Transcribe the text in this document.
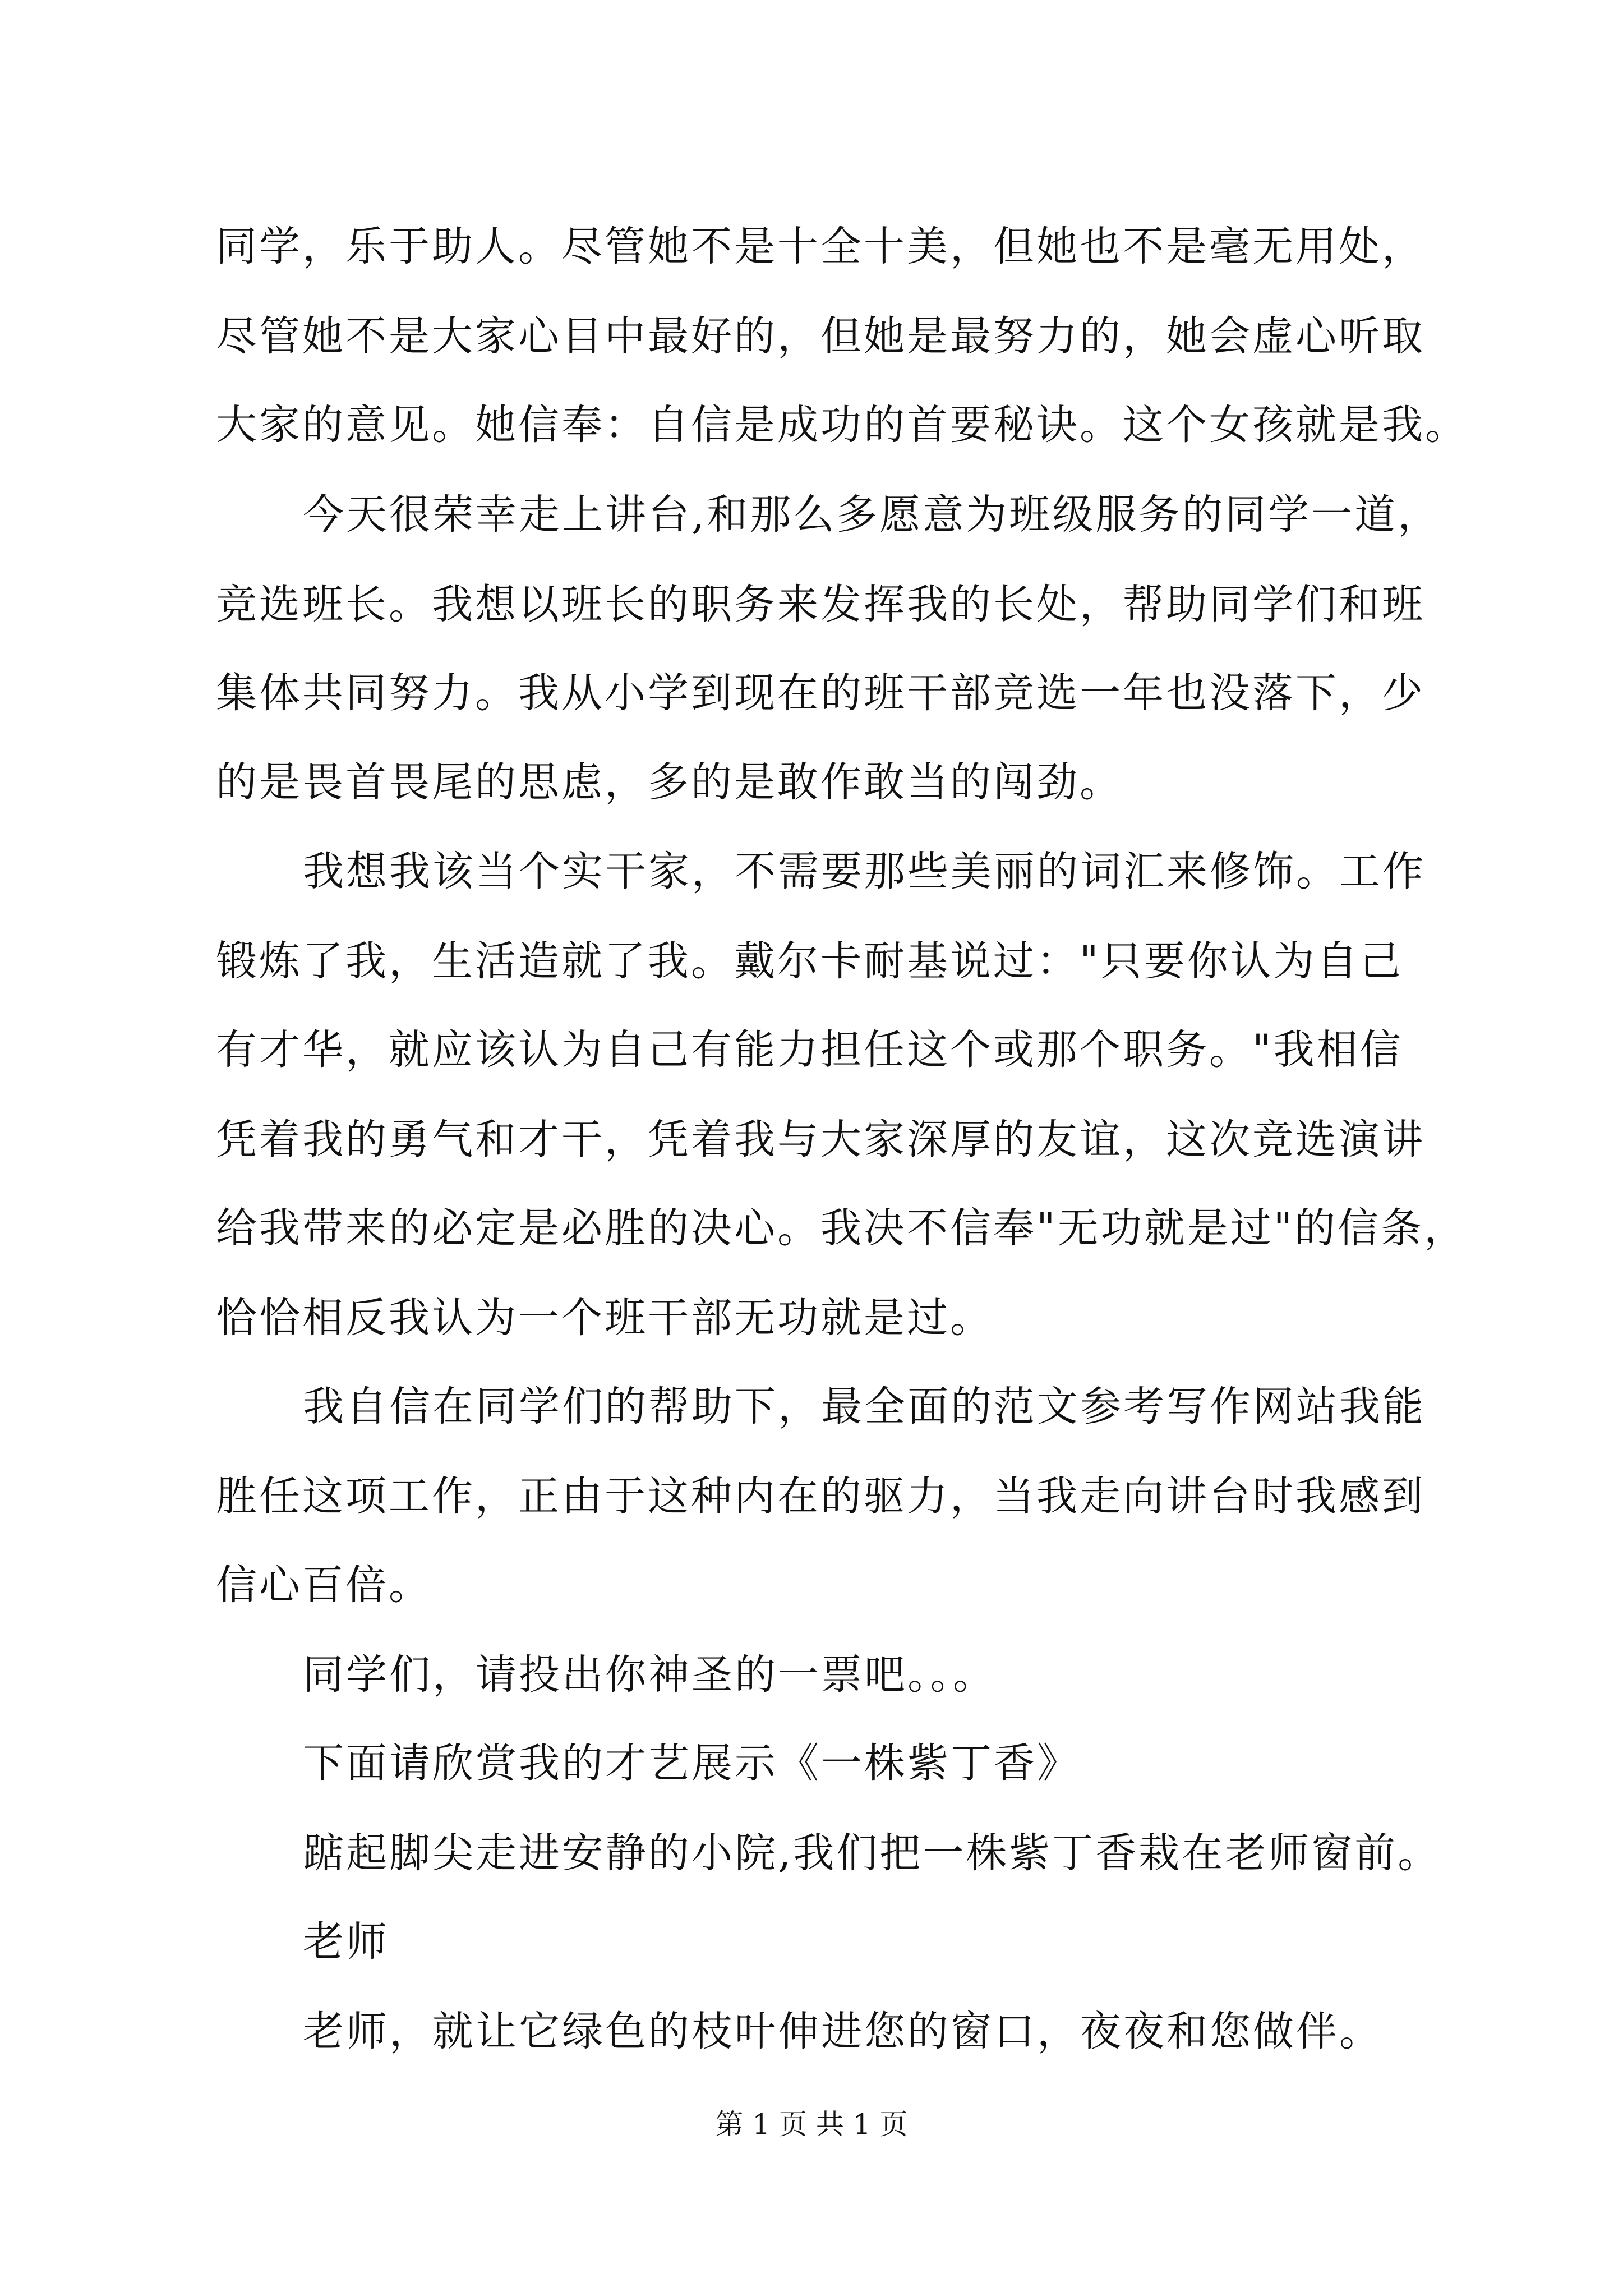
同学，乐于助人。尽管她不是十全十美，但她也不是毫无用处，
尽管她不是大家心目中最好的，但她是最努力的，她会虚心听取
大家的意见。她信奉：自信是成功的首要秘诀。这个女孩就是我。
今天很荣幸走上讲台,和那么多愿意为班级服务的同学一道，
竞选班长。我想以班长的职务来发挥我的长处，帮助同学们和班
集体共同努力。我从小学到现在的班干部竞选一年也没落下，少
的是畏首畏尾的思虑，多的是敢作敢当的闯劲。
我想我该当个实干家，不需要那些美丽的词汇来修饰。工作
锻炼了我，生活造就了我。戴尔卡耐基说过："只要你认为自己
有才华，就应该认为自己有能力担任这个或那个职务。"我相信
凭着我的勇气和才干，凭着我与大家深厚的友谊，这次竞选演讲
给我带来的必定是必胜的决心。我决不信奉"无功就是过"的信条，
恰恰相反我认为一个班干部无功就是过。
我自信在同学们的帮助下，最全面的范文参考写作网站我能
胜任这项工作，正由于这种内在的驱力，当我走向讲台时我感到
信心百倍。
同学们，请投出你神圣的一票吧。。。
下面请欣赏我的才艺展示《一株紫丁香》
踮起脚尖走进安静的小院,我们把一株紫丁香栽在老师窗前。
老师
老师，就让它绿色的枝叶伸进您的窗口，夜夜和您做伴。
第 1 页 共 1 页
